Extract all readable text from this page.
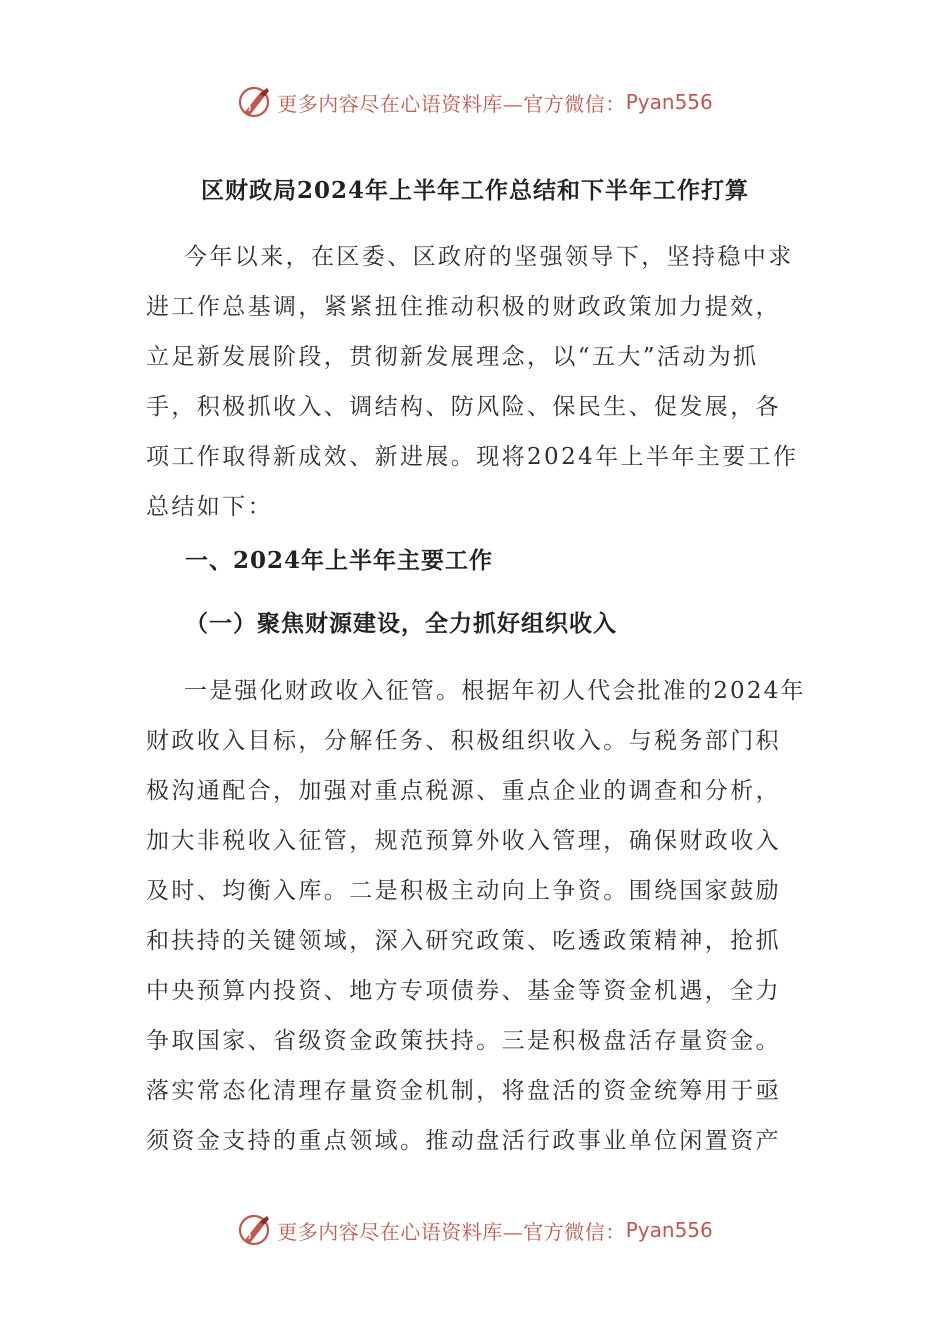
更多内容尽在心语资料库—官方微信： Pyan556
区财政局2024年上半年工作总结和下半年工作打算
今年以来，在区委、区政府的坚强领导下，坚持稳中求
进工作总基调，紧紧扭住推动积极的财政政策加力提效，
立足新发展阶段，贯彻新发展理念，以“五大”活动为抓
手，积极抓收入、调结构、防风险、保民生、促发展，各
项工作取得新成效、新进展。现将2024年上半年主要工作
总结如下：
一、2024年上半年主要工作
（一）聚焦财源建设，全力抓好组织收入
一是强化财政收入征管。根据年初人代会批准的2024年
财政收入目标，分解任务、积极组织收入。与税务部门积
极沟通配合，加强对重点税源、重点企业的调查和分析，
加大非税收入征管，规范预算外收入管理，确保财政收入
及时、均衡入库。二是积极主动向上争资。围绕国家鼓励
和扶持的关键领域，深入研究政策、吃透政策精神，抢抓
中央预算内投资、地方专项债券、基金等资金机遇，全力
争取国家、省级资金政策扶持。三是积极盘活存量资金。
落实常态化清理存量资金机制，将盘活的资金统筹用于亟
须资金支持的重点领域。推动盘活行政事业单位闲置资产
更多内容尽在心语资料库—官方微信： Pyan556
